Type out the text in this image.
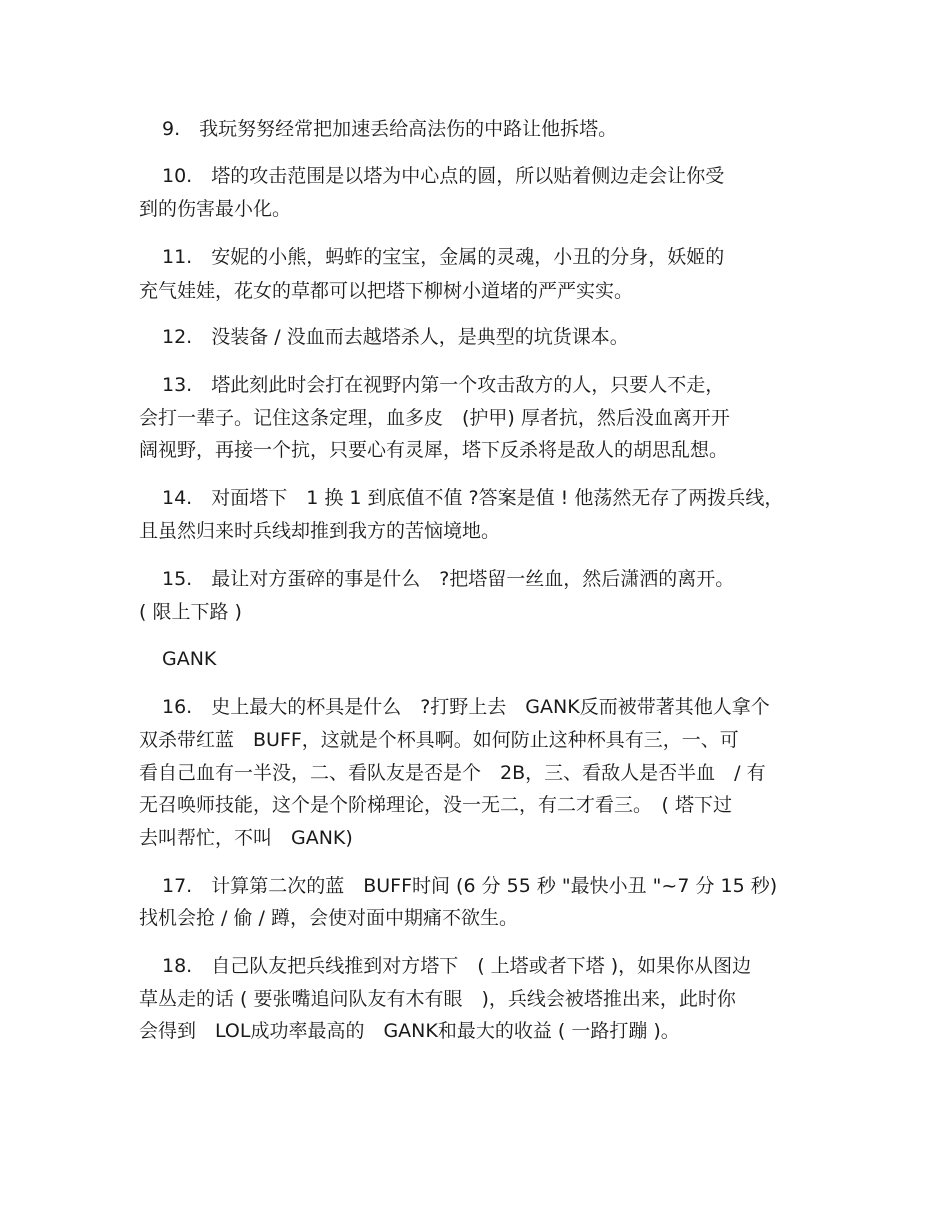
9.　我玩努努经常把加速丢给高法伤的中路让他拆塔。
10.　塔的攻击范围是以塔为中心点的圆，所以贴着侧边走会让你受
到的伤害最小化。
11.　安妮的小熊，蚂蚱的宝宝，金属的灵魂，小丑的分身，妖姬的
充气娃娃，花女的草都可以把塔下柳树小道堵的严严实实。
12.　没装备 / 没血而去越塔杀人，是典型的坑货课本。
13.　塔此刻此时会打在视野内第一个攻击敌方的人，只要人不走，
会打一辈子。记住这条定理，血多皮　(护甲) 厚者抗，然后没血离开开
阔视野，再接一个抗，只要心有灵犀，塔下反杀将是敌人的胡思乱想。
14.　对面塔下　1 换 1 到底值不值 ?答案是值 ! 他荡然无存了两拨兵线，
且虽然归来时兵线却推到我方的苦恼境地。
15.　最让对方蛋碎的事是什么　?把塔留一丝血，然后潇洒的离开。
( 限上下路 )
GANK
16.　史上最大的杯具是什么　?打野上去　GANK反而被带著其他人拿个
双杀带红蓝　BUFF，这就是个杯具啊。如何防止这种杯具有三，一、可
看自己血有一半没，二、看队友是否是个　2B，三、看敌人是否半血　/ 有
无召唤师技能，这个是个阶梯理论，没一无二，有二才看三。　( 塔下过
去叫帮忙，不叫　GANK)
17.　计算第二次的蓝　BUFF时间 (6 分 55 秒 "最快小丑 "~7 分 15 秒)
找机会抢 / 偷 / 蹲，会使对面中期痛不欲生。
18.　自己队友把兵线推到对方塔下　( 上塔或者下塔 )，如果你从图边
草丛走的话 ( 要张嘴追问队友有木有眼　)，兵线会被塔推出来，此时你
会得到　LOL成功率最高的　GANK和最大的收益 ( 一路打蹦 )。
